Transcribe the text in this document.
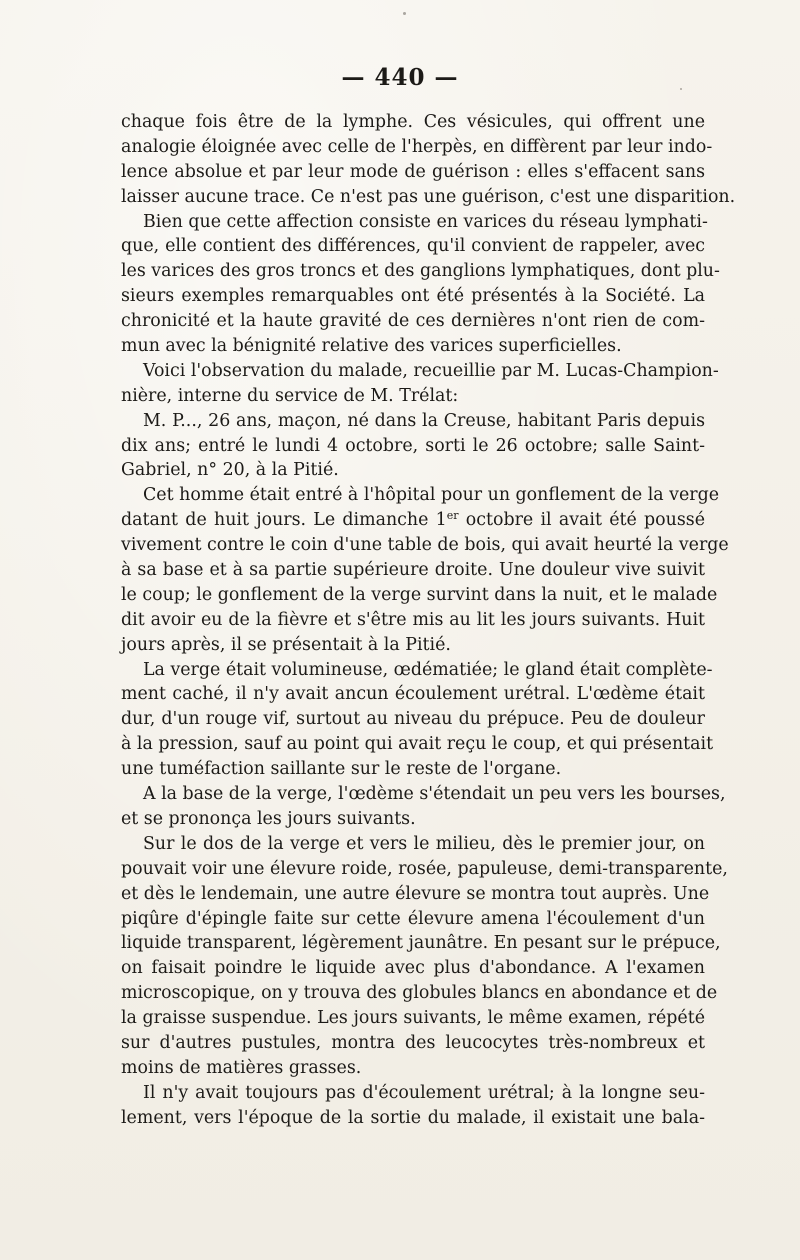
— 440 —
chaque fois être de la lymphe. Ces vésicules, qui offrent une
analogie éloignée avec celle de l'herpès, en diffèrent par leur indo-
lence absolue et par leur mode de guérison : elles s'effacent sans
laisser aucune trace. Ce n'est pas une guérison, c'est une disparition.
Bien que cette affection consiste en varices du réseau lymphati-
que, elle contient des différences, qu'il convient de rappeler, avec
les varices des gros troncs et des ganglions lymphatiques, dont plu-
sieurs exemples remarquables ont été présentés à la Société. La
chronicité et la haute gravité de ces dernières n'ont rien de com-
mun avec la bénignité relative des varices superficielles.
Voici l'observation du malade, recueillie par M. Lucas-Champion-
nière, interne du service de M. Trélat:
M. P..., 26 ans, maçon, né dans la Creuse, habitant Paris depuis
dix ans; entré le lundi 4 octobre, sorti le 26 octobre; salle Saint-
Gabriel, n° 20, à la Pitié.
Cet homme était entré à l'hôpital pour un gonflement de la verge
datant de huit jours. Le dimanche 1er octobre il avait été poussé
vivement contre le coin d'une table de bois, qui avait heurté la verge
à sa base et à sa partie supérieure droite. Une douleur vive suivit
le coup; le gonflement de la verge survint dans la nuit, et le malade
dit avoir eu de la fièvre et s'être mis au lit les jours suivants. Huit
jours après, il se présentait à la Pitié.
La verge était volumineuse, œdématiée; le gland était complète-
ment caché, il n'y avait ancun écoulement urétral. L'œdème était
dur, d'un rouge vif, surtout au niveau du prépuce. Peu de douleur
à la pression, sauf au point qui avait reçu le coup, et qui présentait
une tuméfaction saillante sur le reste de l'organe.
A la base de la verge, l'œdème s'étendait un peu vers les bourses,
et se prononça les jours suivants.
Sur le dos de la verge et vers le milieu, dès le premier jour, on
pouvait voir une élevure roide, rosée, papuleuse, demi-transparente,
et dès le lendemain, une autre élevure se montra tout auprès. Une
piqûre d'épingle faite sur cette élevure amena l'écoulement d'un
liquide transparent, légèrement jaunâtre. En pesant sur le prépuce,
on faisait poindre le liquide avec plus d'abondance. A l'examen
microscopique, on y trouva des globules blancs en abondance et de
la graisse suspendue. Les jours suivants, le même examen, répété
sur d'autres pustules, montra des leucocytes très-nombreux et
moins de matières grasses.
Il n'y avait toujours pas d'écoulement urétral; à la longne seu-
lement, vers l'époque de la sortie du malade, il existait une bala-
